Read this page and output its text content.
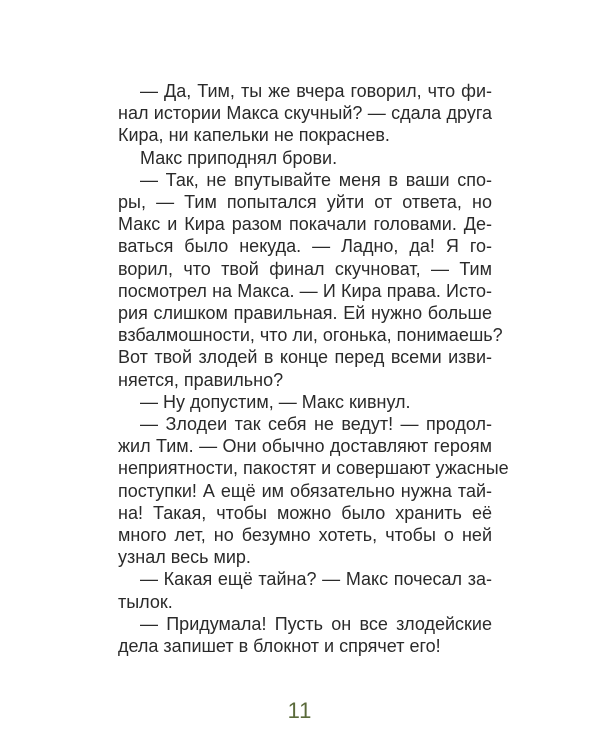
— Да, Тим, ты же вчера говорил, что фи-
нал истории Макса скучный? — сдала друга
Кира, ни капельки не покраснев.
Макс приподнял брови.
— Так, не впутывайте меня в ваши спо-
ры, — Тим попытался уйти от ответа, но
Макс и Кира разом покачали головами. Де-
ваться было некуда. — Ладно, да! Я го-
ворил, что твой финал скучноват, — Тим
посмотрел на Макса. — И Кира права. Исто-
рия слишком правильная. Ей нужно больше
взбалмошности, что ли, огонька, понимаешь?
Вот твой злодей в конце перед всеми изви-
няется, правильно?
— Ну допустим, — Макс кивнул.
— Злодеи так себя не ведут! — продол-
жил Тим. — Они обычно доставляют героям
неприятности, пакостят и совершают ужасные
поступки! А ещё им обязательно нужна тай-
на! Такая, чтобы можно было хранить её
много лет, но безумно хотеть, чтобы о ней
узнал весь мир.
— Какая ещё тайна? — Макс почесал за-
тылок.
— Придумала! Пусть он все злодейские
дела запишет в блокнот и спрячет его!
11
